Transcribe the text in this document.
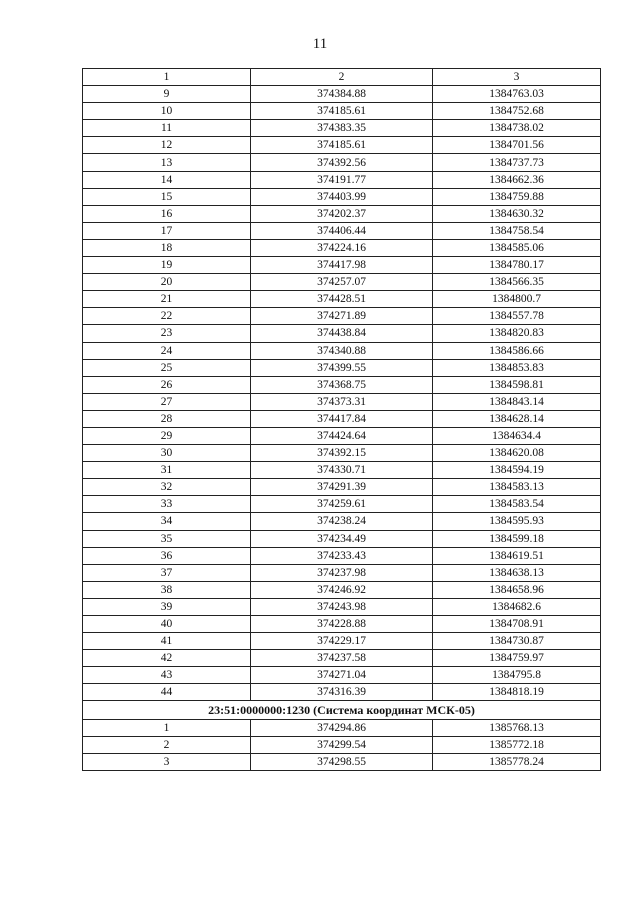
11
1	2	3
9	374384.88	1384763.03
10	374185.61	1384752.68
11	374383.35	1384738.02
12	374185.61	1384701.56
13	374392.56	1384737.73
14	374191.77	1384662.36
15	374403.99	1384759.88
16	374202.37	1384630.32
17	374406.44	1384758.54
18	374224.16	1384585.06
19	374417.98	1384780.17
20	374257.07	1384566.35
21	374428.51	1384800.7
22	374271.89	1384557.78
23	374438.84	1384820.83
24	374340.88	1384586.66
25	374399.55	1384853.83
26	374368.75	1384598.81
27	374373.31	1384843.14
28	374417.84	1384628.14
29	374424.64	1384634.4
30	374392.15	1384620.08
31	374330.71	1384594.19
32	374291.39	1384583.13
33	374259.61	1384583.54
34	374238.24	1384595.93
35	374234.49	1384599.18
36	374233.43	1384619.51
37	374237.98	1384638.13
38	374246.92	1384658.96
39	374243.98	1384682.6
40	374228.88	1384708.91
41	374229.17	1384730.87
42	374237.58	1384759.97
43	374271.04	1384795.8
44	374316.39	1384818.19
23:51:0000000:1230 (Система координат МСК-05)		
1	374294.86	1385768.13
2	374299.54	1385772.18
3	374298.55	1385778.24
